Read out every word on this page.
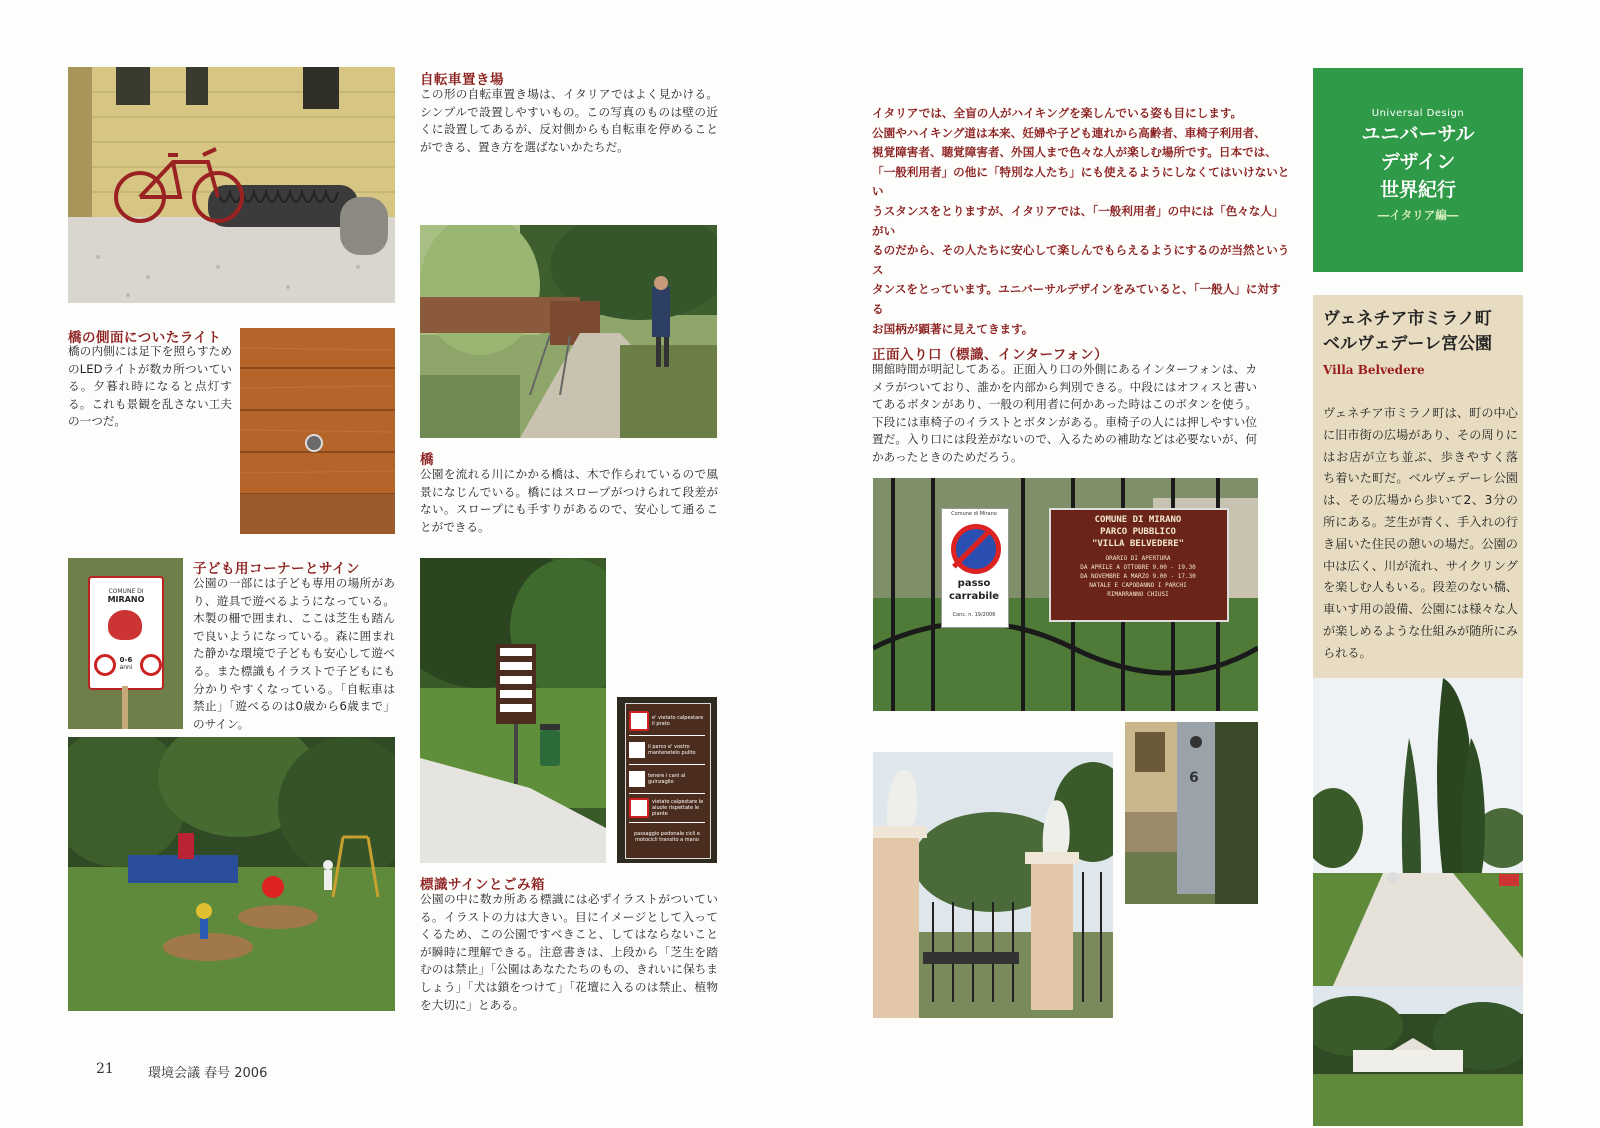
自転車置き場
この形の自転車置き場は、イタリアではよく見かける。シンプルで設置しやすいもの。この写真のものは壁の近くに設置してあるが、反対側からも自転車を停めることができる、置き方を選ばないかたちだ。
橋の側面についたライト
橋の内側には足下を照らすためのLEDライトが数カ所ついている。夕暮れ時になると点灯する。これも景観を乱さない工夫の一つだ。
橋
公園を流れる川にかかる橋は、木で作られているので風景になじんでいる。橋にはスロープがつけられて段差がない。スロープにも手すりがあるので、安心して通ることができる。
COMUNE DI
MIRANO
0-6
anni
子ども用コーナーとサイン
公園の一部には子ども専用の場所があり、遊具で遊べるようになっている。木製の柵で囲まれ、ここは芝生も踏んで良いようになっている。森に囲まれた静かな環境で子どもも安心して遊べる。また標識もイラストで子どもにも分かりやすくなっている。「自転車は禁止」「遊べるのは0歳から6歳まで」のサイン。	e' vietato calpestare il prato
il parco e' vostro mantenetelo pulito
tenere i cani al guinzaglio
vietato calpestare le aiuole rispettate le piante
passaggio pedonale cicli e motocicli transito a mano
標識サインとごみ箱
公園の中に数カ所ある標識には必ずイラストがついている。イラストの力は大きい。目にイメージとして入ってくるため、この公園ですべきこと、してはならないことが瞬時に理解できる。注意書きは、上段から「芝生を踏むのは禁止」「公園はあなたたちのもの、きれいに保ちましょう」「犬は鎖をつけて」「花壇に入るのは禁止、植物を大切に」とある。
21	環境会議 春号 2006
イタリアでは、全盲の人がハイキングを楽しんでいる姿も目にします。
公園やハイキング道は本来、妊婦や子ども連れから高齢者、車椅子利用者、
視覚障害者、聴覚障害者、外国人まで色々な人が楽しむ場所です。日本では、
「一般利用者」の他に「特別な人たち」にも使えるようにしなくてはいけないとい
うスタンスをとりますが、イタリアでは、「一般利用者」の中には「色々な人」がい
るのだから、その人たちに安心して楽しんでもらえるようにするのが当然というス
タンスをとっています。ユニバーサルデザインをみていると、「一般人」に対する
お国柄が顕著に見えてきます。
Universal Design
ユニバーサル
デザイン
世界紀行
―イタリア編―
ヴェネチア市ミラノ町
ベルヴェデーレ宮公園
Villa Belvedere
ヴェネチア市ミラノ町は、町の中心に旧市街の広場があり、その周りにはお店が立ち並ぶ、歩きやすく落ち着いた町だ。ベルヴェデーレ公園は、その広場から歩いて2、3分の所にある。芝生が青く、手入れの行き届いた住民の憩いの場だ。公園の中は広く、川が流れ、サイクリングを楽しむ人もいる。段差のない橋、車いす用の設備、公園には様々な人が楽しめるような仕組みが随所にみられる。
正面入り口（標識、インターフォン）
開館時間が明記してある。正面入り口の外側にあるインターフォンは、カメラがついており、誰かを内部から判別できる。中段にはオフィスと書いてあるボタンがあり、一般の利用者に何かあった時はこのボタンを使う。下段には車椅子のイラストとボタンがある。車椅子の人には押しやすい位置だ。入り口には段差がないので、入るための補助などは必要ないが、何かあったときのためだろう。
Comune di Mirano
passo
carrabile
Conc. n. 19/2006
COMUNE DI MIRANO
PARCO PUBBLICO
"VILLA BELVEDERE"
ORARIO DI APERTURA
DA APRILE A OTTOBRE 9.00 - 19.30
DA NOVEMBRE A MARZO 9.00 - 17.30
NATALE E CAPODANNO I PARCHI
RIMARRANNO CHIUSI
6
